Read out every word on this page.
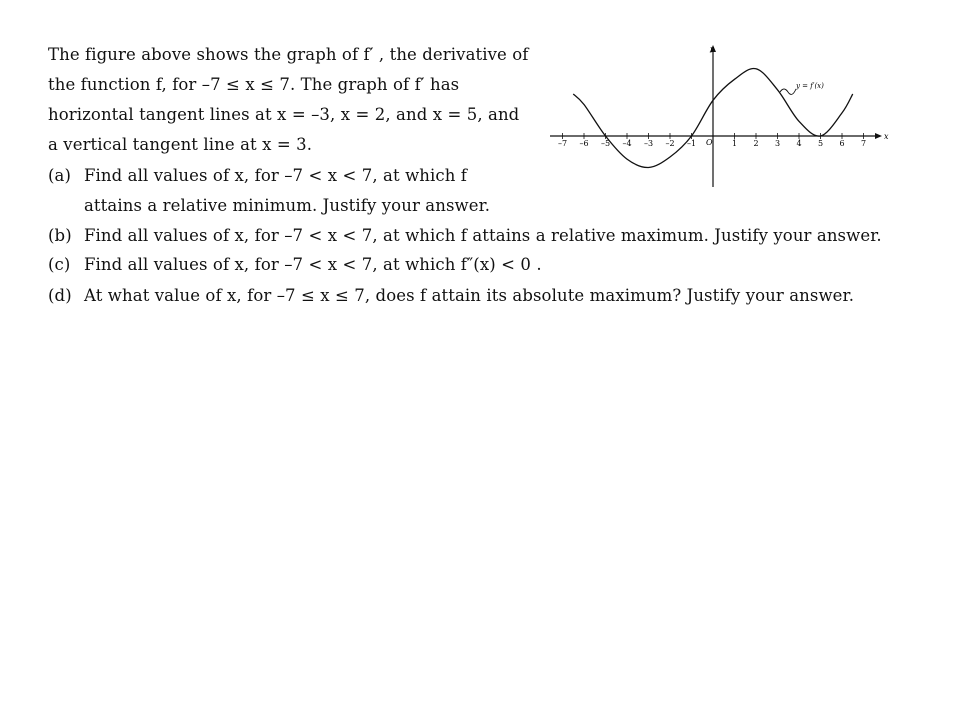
The figure above shows the graph of f′ , the derivative of
the function f, for –7 ≤ x ≤ 7. The graph of f′ has
horizontal tangent lines at x = –3, x = 2, and x = 5, and
a vertical tangent line at x = 3.
(a) Find all values of x, for –7 < x < 7, at which f
attains a relative minimum. Justify your answer.
(b) Find all values of x, for –7 < x < 7, at which f attains a relative maximum. Justify your answer.
(c) Find all values of x, for –7 < x < 7, at which f″(x) < 0 .
(d) At what value of x, for –7 ≤ x ≤ 7, does f attain its absolute maximum? Justify your answer.
x
y
–7 –6 –5 –4 –3 –2 –1	1 2 3 4 5 6 7
O
y = f′(x)
